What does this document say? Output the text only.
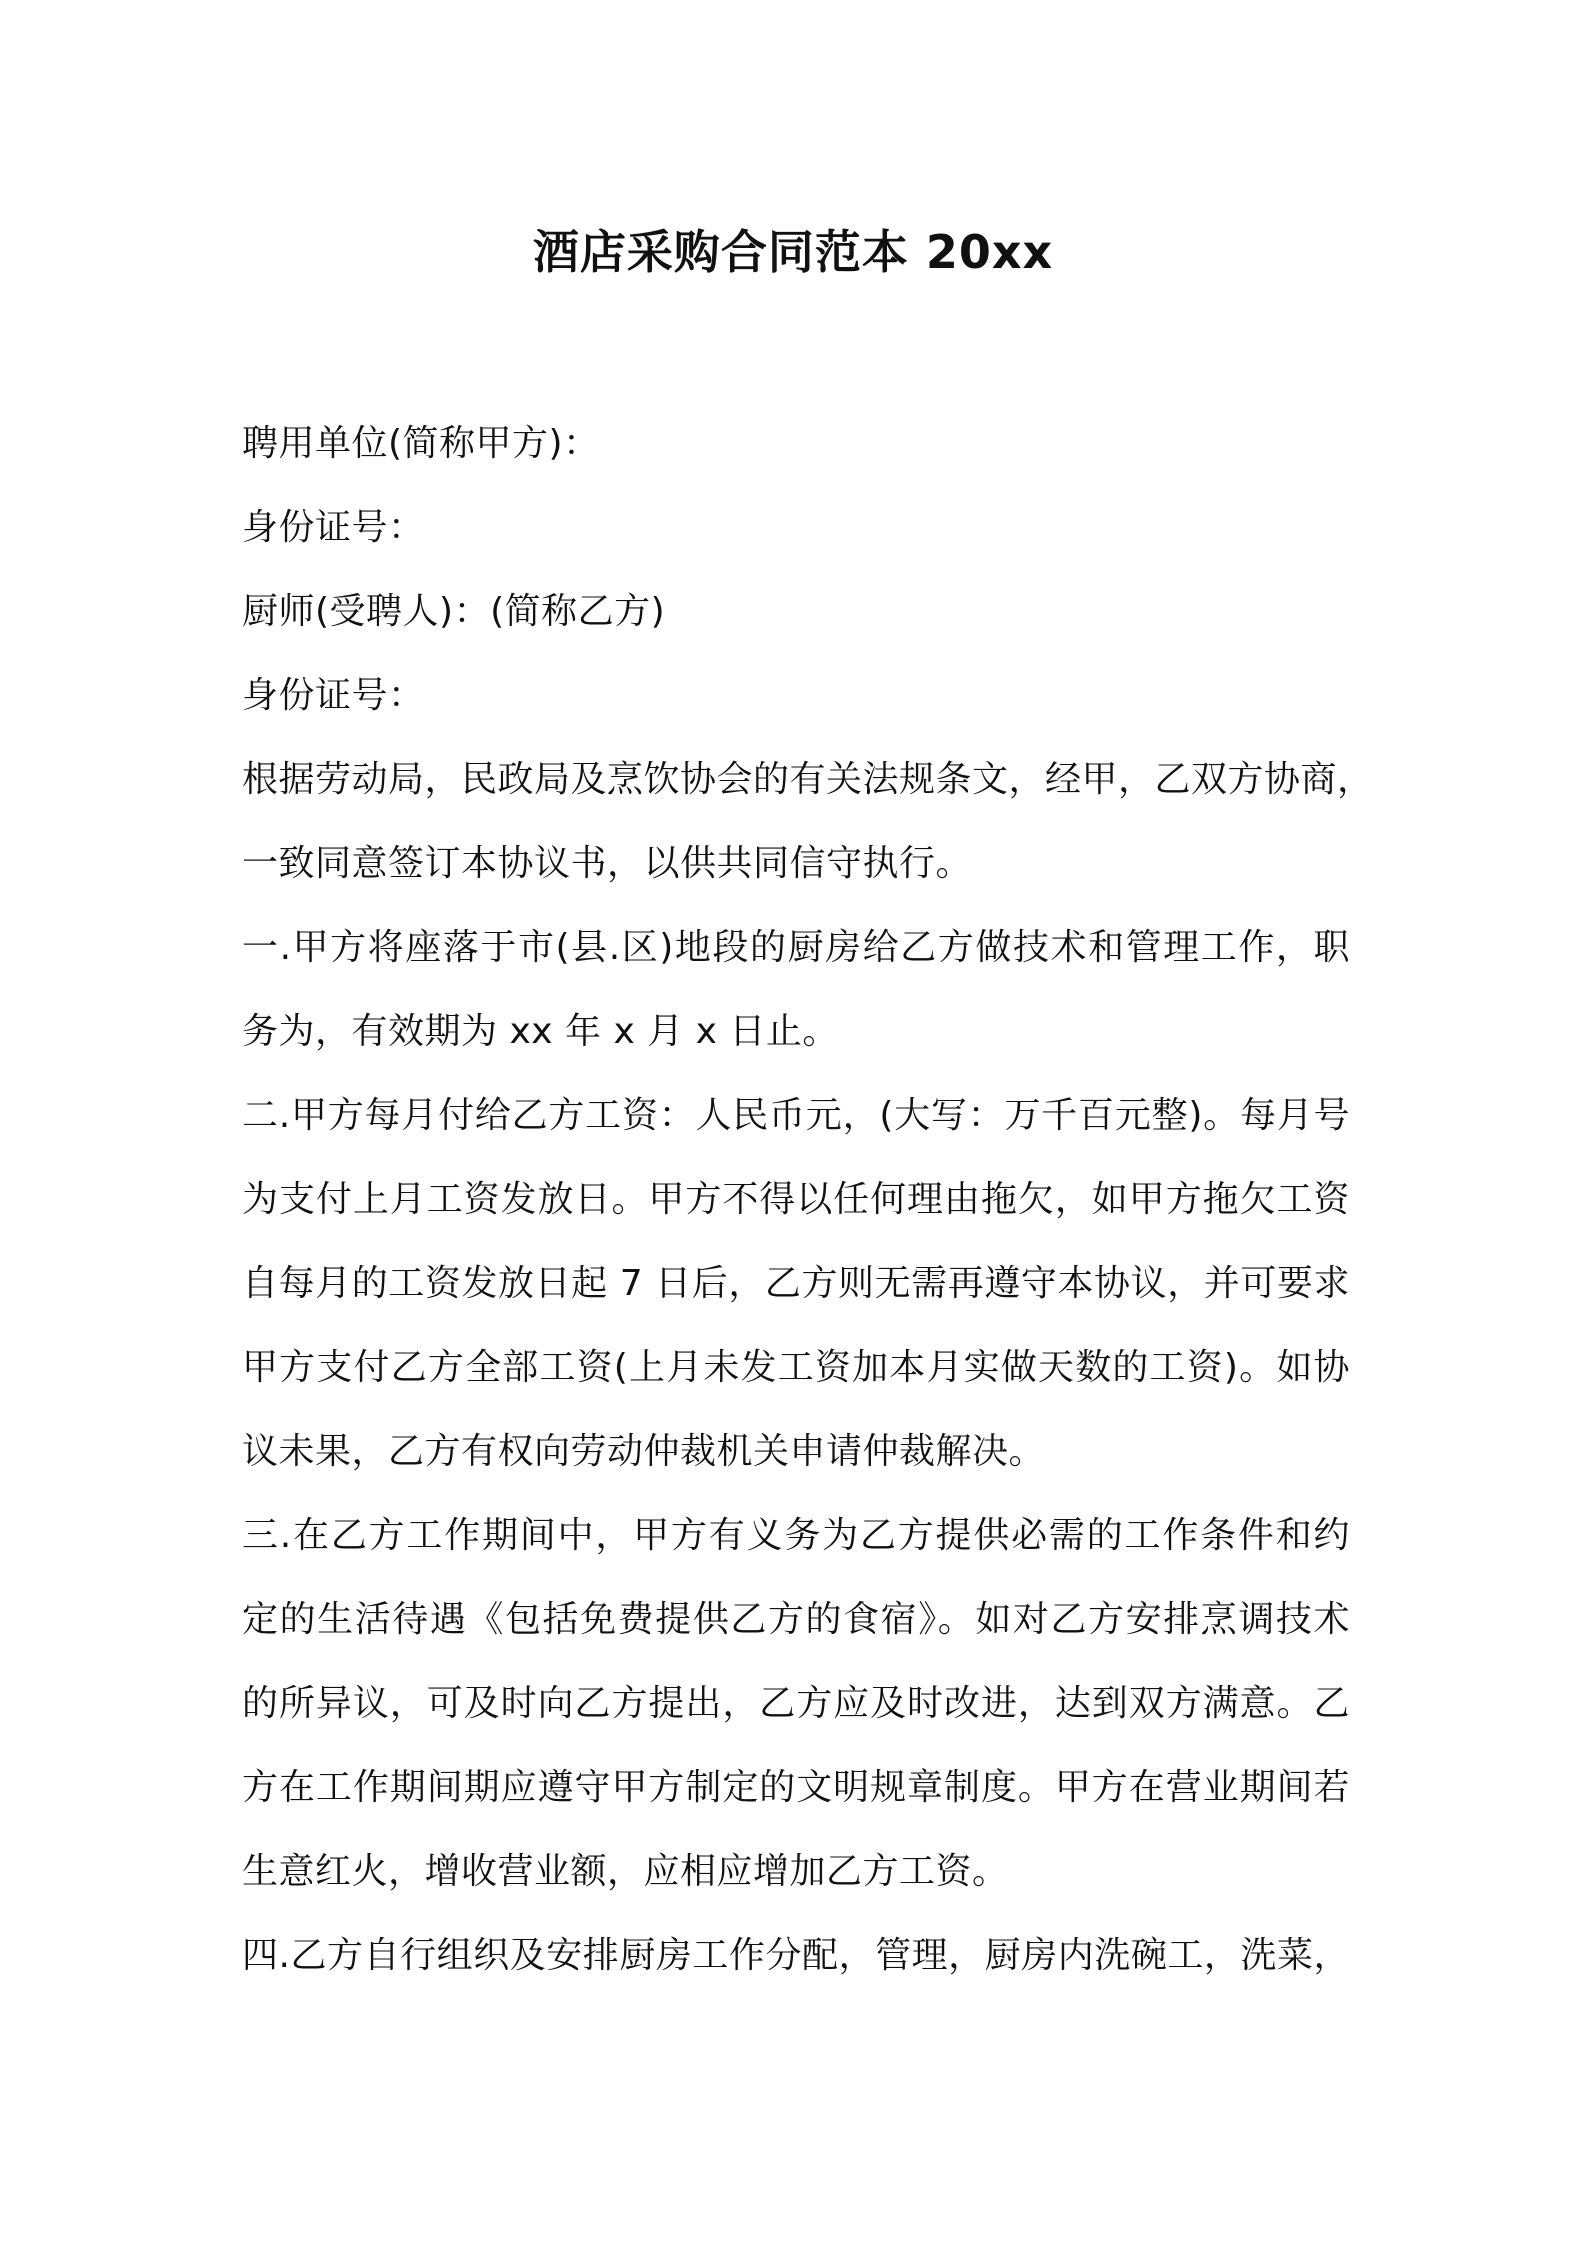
酒店采购合同范本 20xx
聘用单位(简称甲方)：
身份证号：
厨师(受聘人)：(简称乙方)
身份证号：
根据劳动局，民政局及烹饮协会的有关法规条文，经甲，乙双方协商，
一致同意签订本协议书，以供共同信守执行。
一.甲方将座落于市(县.区)地段的厨房给乙方做技术和管理工作，职
务为，有效期为 xx 年 x 月 x 日止。
二.甲方每月付给乙方工资：人民币元，(大写：万千百元整)。每月号
为支付上月工资发放日。甲方不得以任何理由拖欠，如甲方拖欠工资
自每月的工资发放日起 7 日后，乙方则无需再遵守本协议，并可要求
甲方支付乙方全部工资(上月未发工资加本月实做天数的工资)。如协
议未果，乙方有权向劳动仲裁机关申请仲裁解决。
三.在乙方工作期间中，甲方有义务为乙方提供必需的工作条件和约
定的生活待遇《包括免费提供乙方的食宿》。如对乙方安排烹调技术
的所异议，可及时向乙方提出，乙方应及时改进，达到双方满意。乙
方在工作期间期应遵守甲方制定的文明规章制度。甲方在营业期间若
生意红火，增收营业额，应相应增加乙方工资。
四.乙方自行组织及安排厨房工作分配，管理，厨房内洗碗工，洗菜，
